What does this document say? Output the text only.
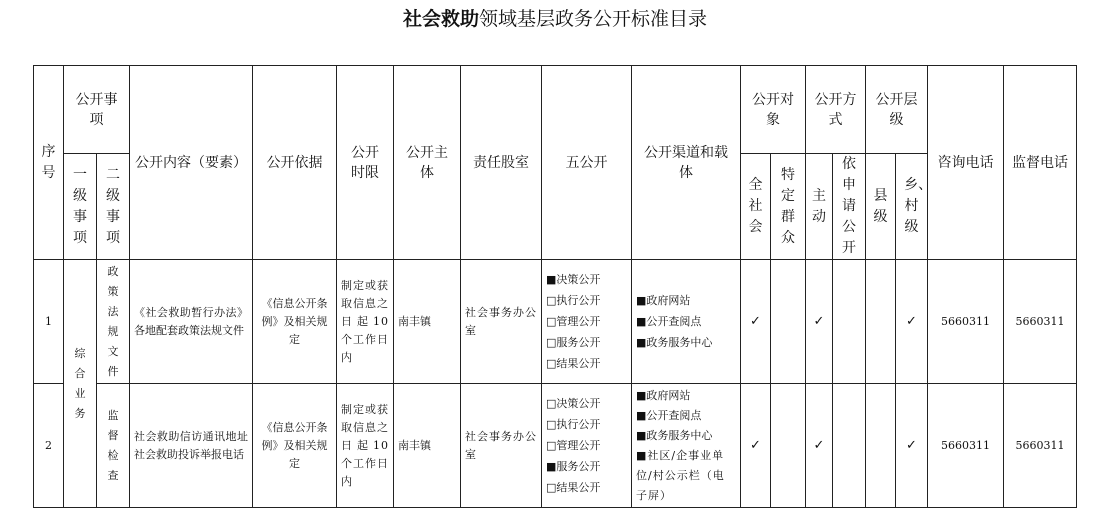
社会救助领域基层政务公开标准目录
序号	公开事项		公开内容（要素）	公开依据	公开时限	公开主体	责任股室	五公开	公开渠道和载体	公开对象		公开方式		公开层级		咨询电话	监督电话
	一级事项	二级事项								全社会	特定群众	主动	依申请公开	县级	乡、村级		
1	综合业务	政策法规文件	《社会救助暂行办法》
各地配套政策法规文件	《信息公开条例》及相关规定	制定或获取信息之日起10个工作日内	南丰镇	社会事务办公室	■决策公开
□执行公开
□管理公开
□服务公开
□结果公开	■政府网站
■公开查阅点
■政务服务中心	✓		✓			✓	5660311	5660311
2		监督检查	社会救助信访通讯地址
社会救助投诉举报电话	《信息公开条例》及相关规定	制定或获取信息之日起10个工作日内	南丰镇	社会事务办公室	□决策公开
□执行公开
□管理公开
■服务公开
□结果公开	■政府网站
■公开查阅点
■政务服务中心
■社区/企事业单位/村公示栏（电子屏）	✓		✓			✓	5660311	5660311
